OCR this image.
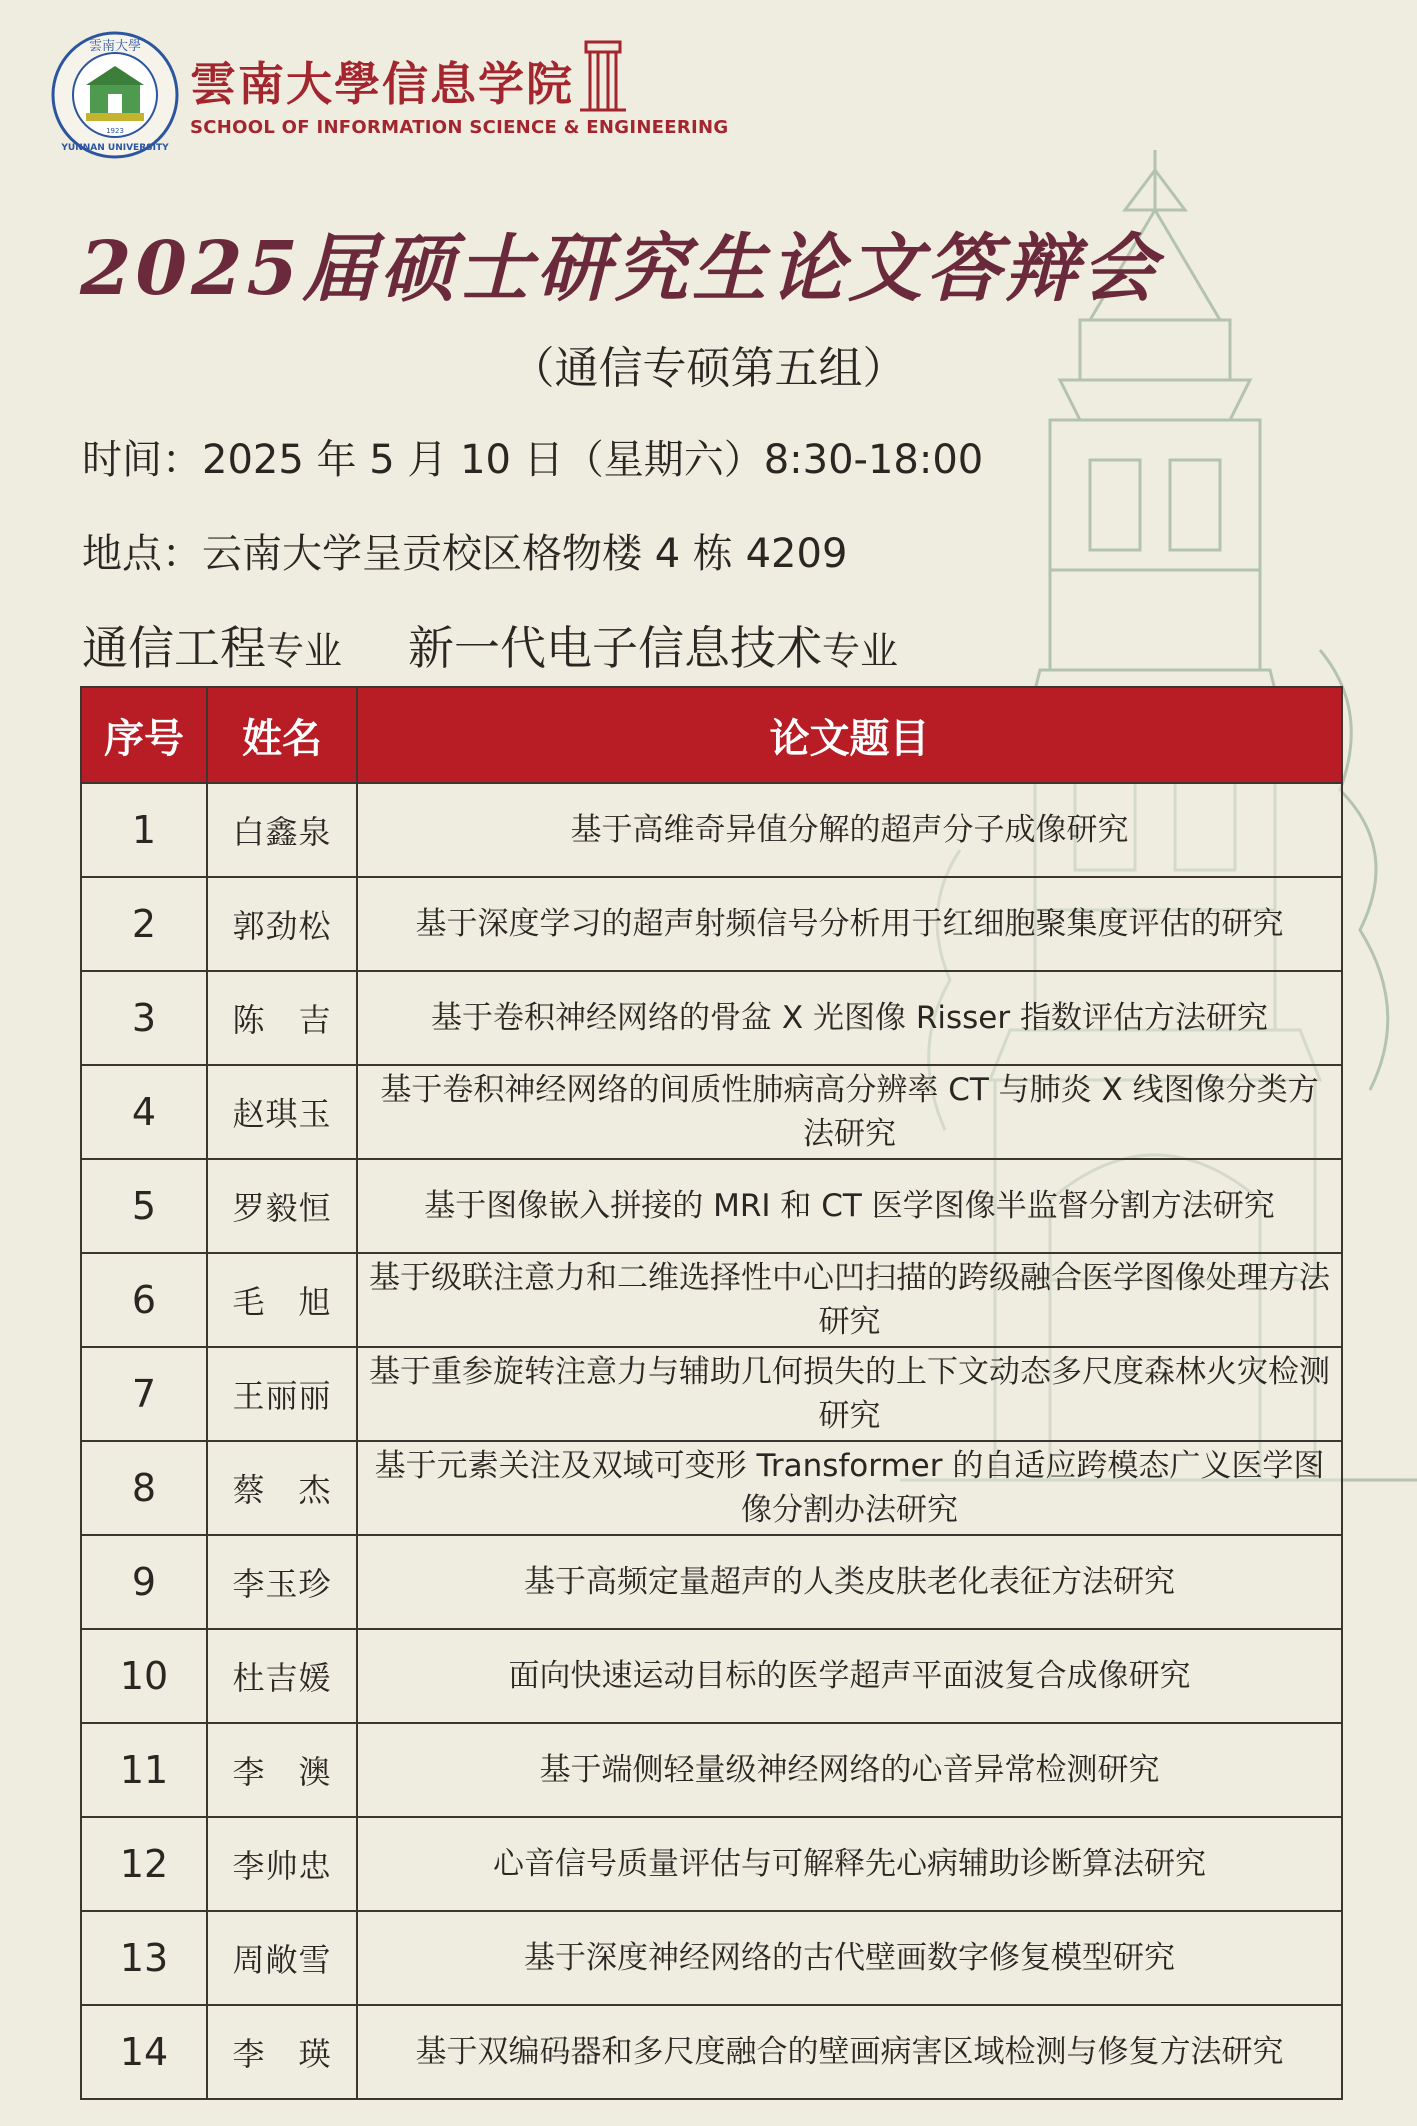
雲南大學
YUNNAN UNIVERSITY
1923
雲南大學信息学院
SCHOOL OF INFORMATION SCIENCE & ENGINEERING
2025届硕士研究生论文答辩会
（通信专硕第五组）
时间：2025 年 5 月 10 日（星期六）8:30-18:00
地点：云南大学呈贡校区格物楼 4 栋 4209
通信工程专业 新一代电子信息技术专业
序号	姓名	论文题目
1	白鑫泉	基于高维奇异值分解的超声分子成像研究
2	郭劲松	基于深度学习的超声射频信号分析用于红细胞聚集度评估的研究
3	陈　吉	基于卷积神经网络的骨盆 X 光图像 Risser 指数评估方法研究
4	赵琪玉	基于卷积神经网络的间质性肺病高分辨率 CT 与肺炎 X 线图像分类方法研究
5	罗毅恒	基于图像嵌入拼接的 MRI 和 CT 医学图像半监督分割方法研究
6	毛　旭	基于级联注意力和二维选择性中心凹扫描的跨级融合医学图像处理方法研究
7	王丽丽	基于重参旋转注意力与辅助几何损失的上下文动态多尺度森林火灾检测研究
8	蔡　杰	基于元素关注及双域可变形 Transformer 的自适应跨模态广义医学图像分割办法研究
9	李玉珍	基于高频定量超声的人类皮肤老化表征方法研究
10	杜吉媛	面向快速运动目标的医学超声平面波复合成像研究
11	李　澳	基于端侧轻量级神经网络的心音异常检测研究
12	李帅忠	心音信号质量评估与可解释先心病辅助诊断算法研究
13	周敞雪	基于深度神经网络的古代壁画数字修复模型研究
14	李　瑛	基于双编码器和多尺度融合的壁画病害区域检测与修复方法研究
